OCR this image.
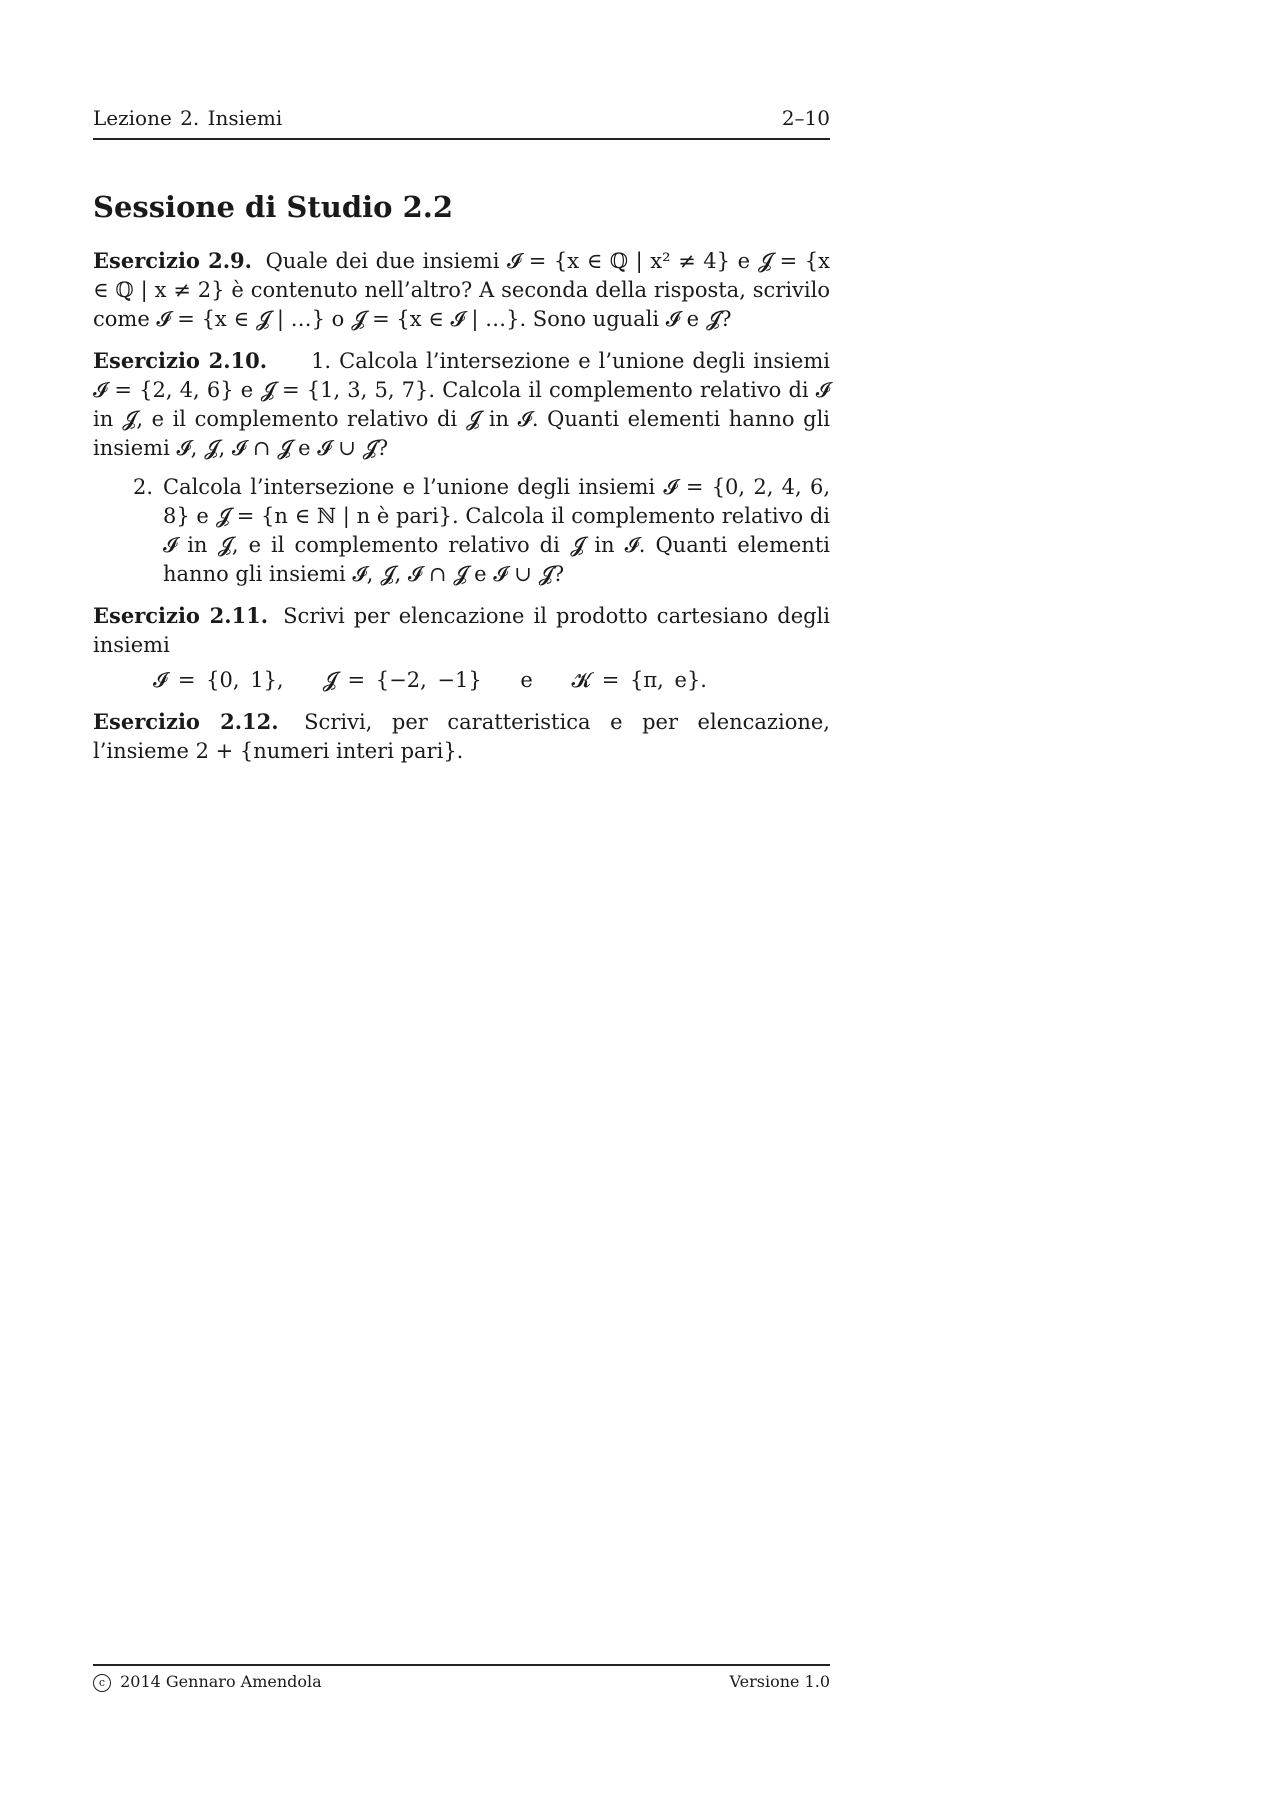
Lezione 2. Insiemi	2–10
Sessione di Studio 2.2

Esercizio 2.9. Quale dei due insiemi 𝓘 = {x ∈ ℚ | x² ≠ 4} e 𝓙 = {x ∈ ℚ | x ≠ 2} è contenuto nell’altro? A seconda della risposta, scrivilo come 𝓘 = {x ∈ 𝓙 | …} o 𝓙 = {x ∈ 𝓘 | …}. Sono uguali 𝓘 e 𝓙?

Esercizio 2.10. 1. Calcola l’intersezione e l’unione degli insiemi 𝓘 = {2, 4, 6} e 𝓙 = {1, 3, 5, 7}. Calcola il complemento relativo di 𝓘 in 𝓙, e il complemento relativo di 𝓙 in 𝓘. Quanti elementi hanno gli insiemi 𝓘, 𝓙, 𝓘 ∩ 𝓙 e 𝓘 ∪ 𝓙?
2. Calcola l’intersezione e l’unione degli insiemi 𝓘 = {0, 2, 4, 6, 8} e 𝓙 = {n ∈ ℕ | n è pari}. Calcola il complemento relativo di 𝓘 in 𝓙, e il complemento relativo di 𝓙 in 𝓘. Quanti elementi hanno gli insiemi 𝓘, 𝓙, 𝓘 ∩ 𝓙 e 𝓘 ∪ 𝓙?
Esercizio 2.11. Scrivi per elencazione il prodotto cartesiano degli insiemi
𝓘 = {0, 1}, 𝓙 = {−2, −1} e 𝓚 = {π, e}.

Esercizio 2.12. Scrivi, per caratteristica e per elencazione, l’insieme 2 + {numeri interi pari}.

c 2014 Gennaro Amendola	Versione 1.0
